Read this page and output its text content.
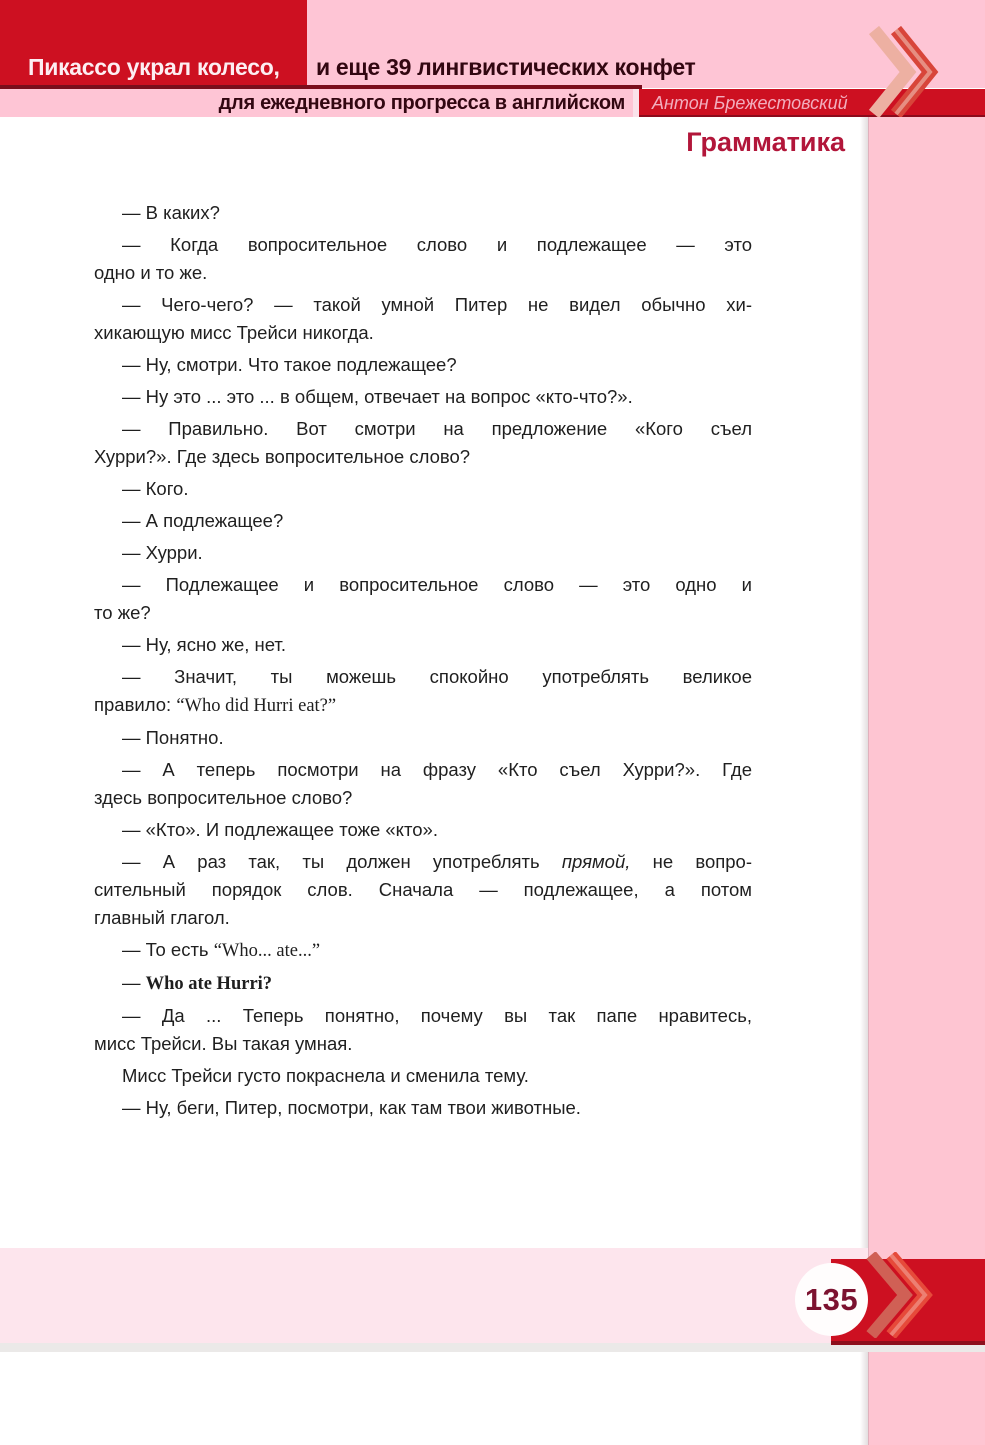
Пикассо украл колесо, и еще 39 лингвистических конфет
для ежедневного прогресса в английском Антон Брежестовский
Грамматика

— В каких?

— Когда вопросительное слово и подлежащее — это
одно и то же.

— Чего-чего? — такой умной Питер не видел обычно хи-
хикающую мисс Трейси никогда.

— Ну, смотри. Что такое подлежащее?

— Ну это ... это ... в общем, отвечает на вопрос «кто-что?».

— Правильно. Вот смотри на предложение «Кого съел
Хурри?». Где здесь вопросительное слово?

— Кого.

— А подлежащее?

— Хурри.

— Подлежащее и вопросительное слово — это одно и
то же?

— Ну, ясно же, нет.

— Значит, ты можешь спокойно употреблять великое
правило: “Who did Hurri eat?”

— Понятно.

— А теперь посмотри на фразу «Кто съел Хурри?». Где
здесь вопросительное слово?

— «Кто». И подлежащее тоже «кто».

— А раз так, ты должен употреблять прямой, не вопро-
сительный порядок слов. Сначала — подлежащее, а потом
главный глагол.

— То есть “Who... ate...”

— Who ate Hurri?

— Да ... Теперь понятно, почему вы так папе нравитесь,
мисс Трейси. Вы такая умная.

Мисс Трейси густо покраснела и сменила тему.

— Ну, беги, Питер, посмотри, как там твои животные.

135
